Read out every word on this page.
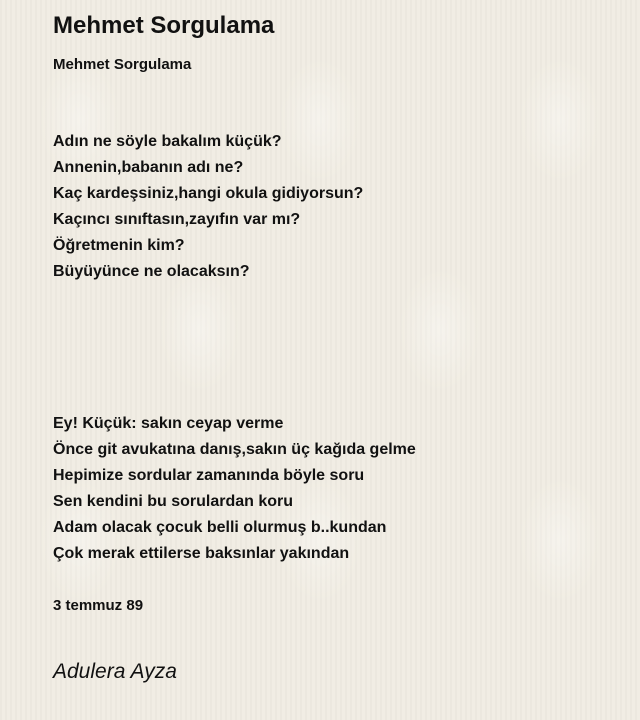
Mehmet Sorgulama
Mehmet Sorgulama
Adın ne söyle bakalım küçük?
Annenin,babanın adı ne?
Kaç kardeşsiniz,hangi okula gidiyorsun?
Kaçıncı sınıftasın,zayıfın var mı?
Öğretmenin kim?
Büyüyünce ne olacaksın?
Ey! Küçük: sakın ceyap verme
Önce git avukatına danış,sakın üç kağıda gelme
Hepimize sordular zamanında böyle soru
Sen kendini bu sorulardan koru
Adam olacak çocuk belli olurmuş b..kundan
Çok merak ettilerse baksınlar yakından
3 temmuz 89
Adulera Ayza
